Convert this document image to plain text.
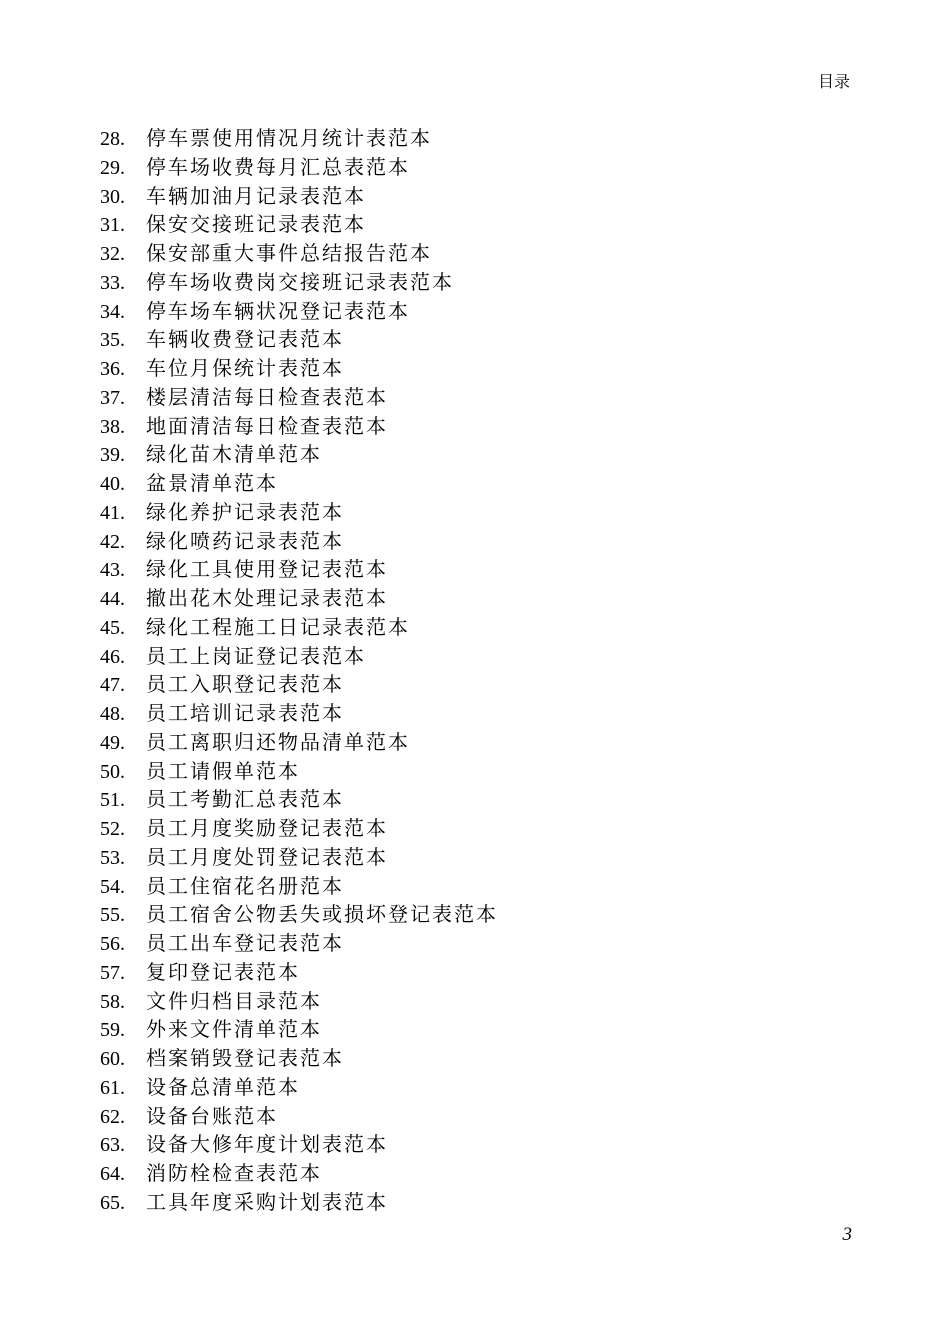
目录
28. 停车票使用情况月统计表范本
29. 停车场收费每月汇总表范本
30. 车辆加油月记录表范本
31. 保安交接班记录表范本
32. 保安部重大事件总结报告范本
33. 停车场收费岗交接班记录表范本
34. 停车场车辆状况登记表范本
35. 车辆收费登记表范本
36. 车位月保统计表范本
37. 楼层清洁每日检查表范本
38. 地面清洁每日检查表范本
39. 绿化苗木清单范本
40. 盆景清单范本
41. 绿化养护记录表范本
42. 绿化喷药记录表范本
43. 绿化工具使用登记表范本
44. 撤出花木处理记录表范本
45. 绿化工程施工日记录表范本
46. 员工上岗证登记表范本
47. 员工入职登记表范本
48. 员工培训记录表范本
49. 员工离职归还物品清单范本
50. 员工请假单范本
51. 员工考勤汇总表范本
52. 员工月度奖励登记表范本
53. 员工月度处罚登记表范本
54. 员工住宿花名册范本
55. 员工宿舍公物丢失或损坏登记表范本
56. 员工出车登记表范本
57. 复印登记表范本
58. 文件归档目录范本
59. 外来文件清单范本
60. 档案销毁登记表范本
61. 设备总清单范本
62. 设备台账范本
63. 设备大修年度计划表范本
64. 消防栓检查表范本
65. 工具年度采购计划表范本
3
